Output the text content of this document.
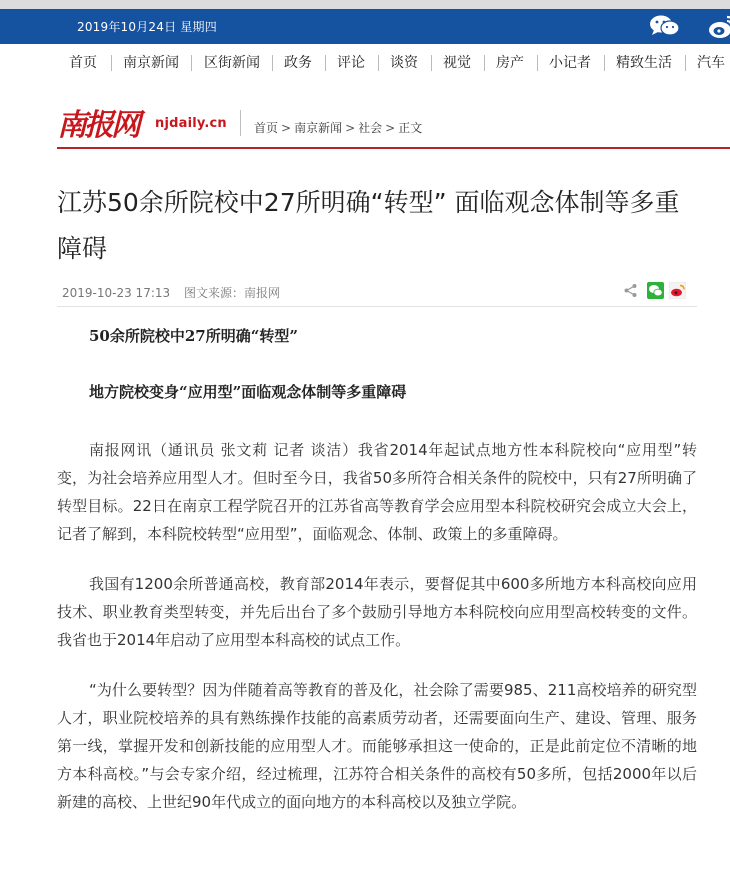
2019年10月24日 星期四
首页 南京新闻 区街新闻 政务 评论 谈资 视觉 房产 小记者 精致生活 汽车
南报网 njdaily.cn 首页 > 南京新闻 > 社会 > 正文
江苏50余所院校中27所明确“转型” 面临观念体制等多重障碍
2019-10-23 17:13 图文来源：南报网

50余所院校中27所明确“转型”

地方院校变身“应用型”面临观念体制等多重障碍

南报网讯（通讯员 张文莉 记者 谈洁）我省2014年起试点地方性本科院校向“应用型”转变，为社会培养应用型人才。但时至今日，我省50多所符合相关条件的院校中，只有27所明确了转型目标。22日在南京工程学院召开的江苏省高等教育学会应用型本科院校研究会成立大会上，记者了解到，本科院校转型“应用型”，面临观念、体制、政策上的多重障碍。

我国有1200余所普通高校，教育部2014年表示，要督促其中600多所地方本科高校向应用技术、职业教育类型转变，并先后出台了多个鼓励引导地方本科院校向应用型高校转变的文件。我省也于2014年启动了应用型本科高校的试点工作。

“为什么要转型？因为伴随着高等教育的普及化，社会除了需要985、211高校培养的研究型人才，职业院校培养的具有熟练操作技能的高素质劳动者，还需要面向生产、建设、管理、服务第一线，掌握开发和创新技能的应用型人才。而能够承担这一使命的，正是此前定位不清晰的地方本科高校。”与会专家介绍，经过梳理，江苏符合相关条件的高校有50多所，包括2000年以后新建的高校、上世纪90年代成立的面向地方的本科高校以及独立学院。
